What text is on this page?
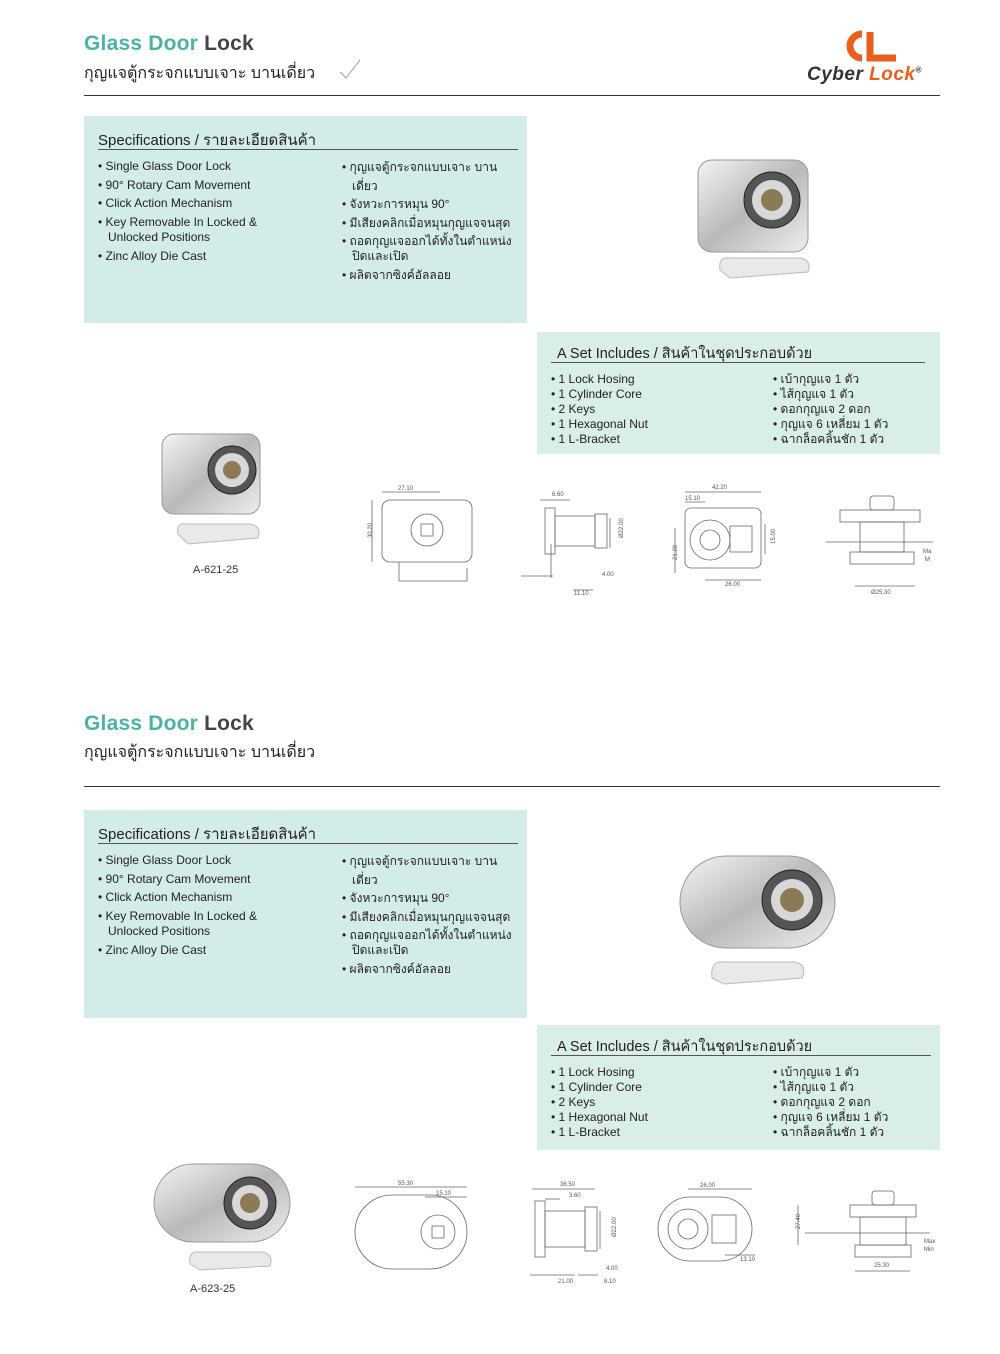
Cyber Lock®
Glass Door Lock
กุญแจตู้กระจกแบบเจาะ บานเดี่ยว
Specifications / รายละเอียดสินค้า
• Single Glass Door Lock
• 90° Rotary Cam Movement
• Click Action Mechanism
• Key Removable In Locked & Unlocked Positions
• Zinc Alloy Die Cast
• กุญแจตู้กระจกแบบเจาะ บานเดี่ยว
• จังหวะการหมุน 90°
• มีเสียงคลิกเมื่อหมุนกุญแจจนสุด
• ถอดกุญแจออกได้ทั้งในตำแหน่ง ปิดและเปิด
• ผลิตจากซิงค์อัลลอย
A Set Includes / สินค้าในชุดประกอบด้วย
• 1 Lock Hosing
• 1 Cylinder Core
• 2 Keys
• 1 Hexagonal Nut
• 1 L-Bracket
• เบ้ากุญแจ 1 ตัว
• ไส้กุญแจ 1 ตัว
• ดอกกุญแจ 2 ดอก
• กุญแจ 6 เหลี่ยม 1 ตัว
• ฉากล็อคลิ้นชัก 1 ตัว
A-621-25
27.10
30.20
6.60
Ø22.00
4.00
11.10
42.20
15.10
21.20
15.00
26.00
Ma
M
Ø25.30
Glass Door Lock
กุญแจตู้กระจกแบบเจาะ บานเดี่ยว
Specifications / รายละเอียดสินค้า
• Single Glass Door Lock
• 90° Rotary Cam Movement
• Click Action Mechanism
• Key Removable In Locked & Unlocked Positions
• Zinc Alloy Die Cast
• กุญแจตู้กระจกแบบเจาะ บานเดี่ยว
• จังหวะการหมุน 90°
• มีเสียงคลิกเมื่อหมุนกุญแจจนสุด
• ถอดกุญแจออกได้ทั้งในตำแหน่ง ปิดและเปิด
• ผลิตจากซิงค์อัลลอย
A Set Includes / สินค้าในชุดประกอบด้วย
• 1 Lock Hosing
• 1 Cylinder Core
• 2 Keys
• 1 Hexagonal Nut
• 1 L-Bracket
• เบ้ากุญแจ 1 ตัว
• ไส้กุญแจ 1 ตัว
• ดอกกุญแจ 2 ดอก
• กุญแจ 6 เหลี่ยม 1 ตัว
• ฉากล็อคลิ้นชัก 1 ตัว
A-623-25
55.30
15.10
36.50
3.60
Ø22.00
4.00
21.00	8.10
26.00
13.10
27.40
Max
Min
25.30
